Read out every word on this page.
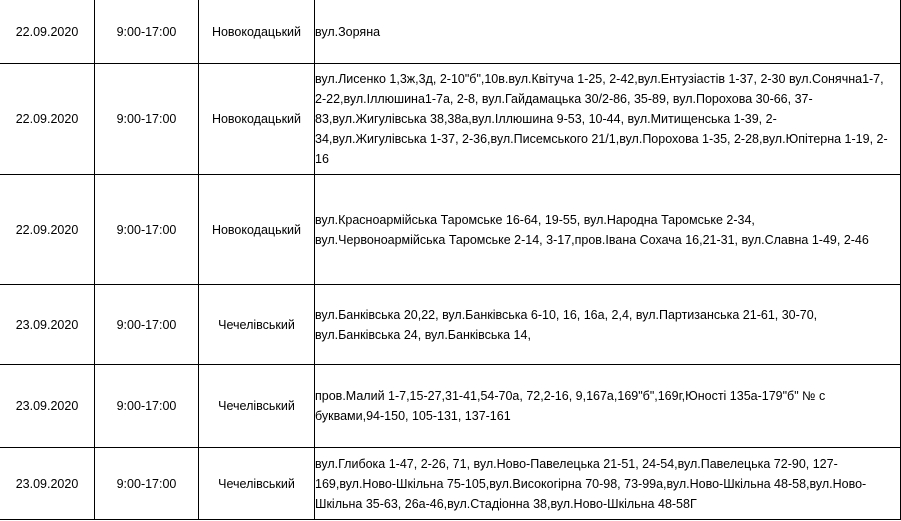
22.09.2020	9:00-17:00	Новокодацький	вул.Зоряна

22.09.2020	9:00-17:00	Новокодацький	вул.Лисенко 1,3ж,3д, 2-10"б",10в.вул.Квітуча 1-25, 2-42,вул.Ентузіастів 1-37, 2-30 вул.Сонячна1-7,
2-22,вул.Іллюшина1-7а, 2-8, вул.Гайдамацька 30/2-86, 35-89, вул.Порохова 30-66, 37-
83,вул.Жигулівська 38,38а,вул.Іллюшина 9-53, 10-44, вул.Митищенська 1-39, 2-
34,вул.Жигулівська 1-37, 2-36,вул.Писемського 21/1,вул.Порохова 1-35, 2-28,вул.Юпітерна 1-19, 2-
16

22.09.2020	9:00-17:00	Новокодацький	вул.Красноармійська Таромське 16-64, 19-55, вул.Народна Таромське 2-34,
вул.Червоноармійська Таромське 2-14, 3-17,пров.Івана Сохача 16,21-31, вул.Славна 1-49, 2-46

23.09.2020	9:00-17:00	Чечелівський	вул.Банківська 20,22, вул.Банківська 6-10, 16, 16а, 2,4, вул.Партизанська 21-61, 30-70,
вул.Банківська 24, вул.Банківська 14,

23.09.2020	9:00-17:00	Чечелівський	пров.Малий 1-7,15-27,31-41,54-70а, 72,2-16, 9,167а,169"б",169г,Юності 135а-179"б" № с
буквами,94-150, 105-131, 137-161

23.09.2020	9:00-17:00	Чечелівський	вул.Глибока 1-47, 2-26, 71, вул.Ново-Павелецька 21-51, 24-54,вул.Павелецька 72-90, 127-
169,вул.Ново-Шкільна 75-105,вул.Високогірна 70-98, 73-99а,вул.Ново-Шкільна 48-58,вул.Ново-
Шкільна 35-63, 26а-46,вул.Стадіонна 38,вул.Ново-Шкільна 48-58Г
